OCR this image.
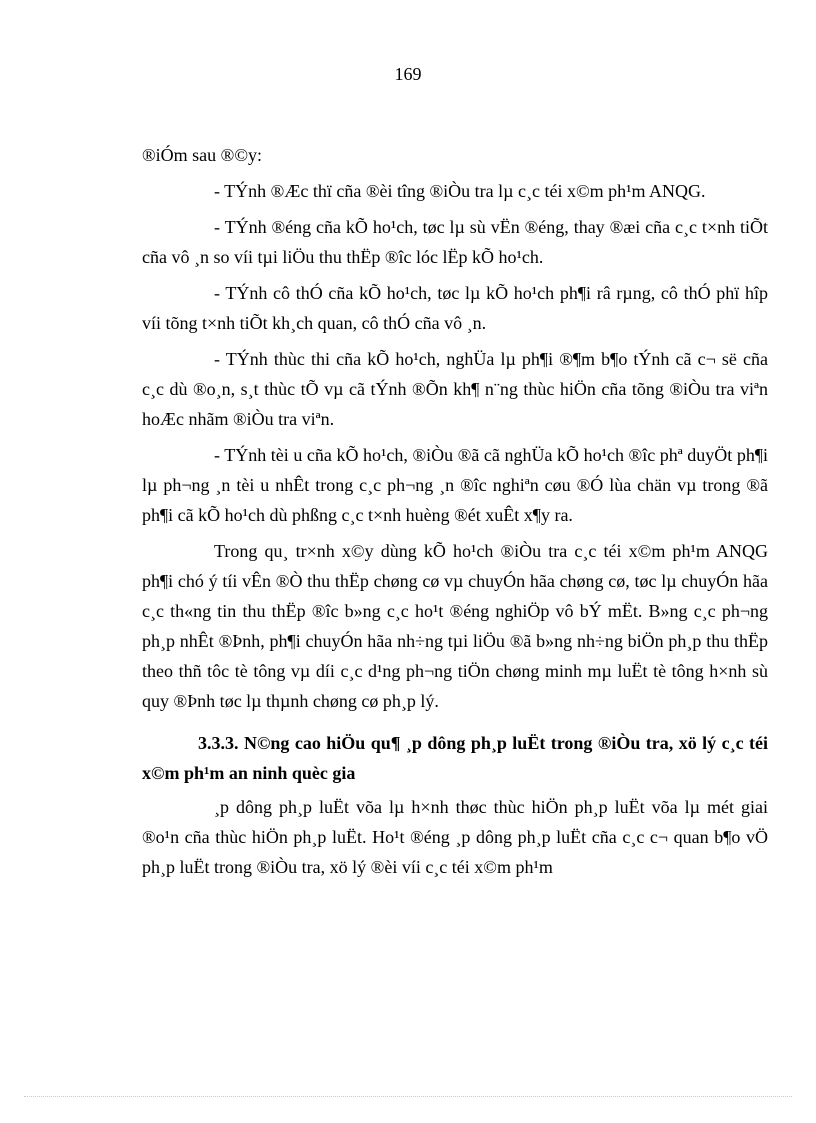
169

®iÓm sau ®©y:

- TÝnh ®Æc thï cña ®èi tîng ®iÒu tra lµ c¸c téi x©m ph¹m ANQG.

- TÝnh ®éng cña kÕ ho¹ch, tøc lµ sù vËn ®éng, thay ®æi cña c¸c t×nh tiÕt cña vô ¸n so víi tµi liÖu thu thËp ®îc lóc lËp kÕ ho¹ch.

- TÝnh cô thÓ cña kÕ ho¹ch, tøc lµ kÕ ho¹ch ph¶i râ rµng, cô thÓ phï hîp víi tõng t×nh tiÕt kh¸ch quan, cô thÓ cña vô ¸n.

- TÝnh thùc thi cña kÕ ho¹ch, nghÜa lµ ph¶i ®¶m b¶o tÝnh cã c¬ së cña c¸c dù ®o¸n, s¸t thùc tÕ vµ cã tÝnh ®Õn kh¶ n¨ng thùc hiÖn cña tõng ®iÒu tra viªn hoÆc nhãm ®iÒu tra viªn.

- TÝnh tèi u cña kÕ ho¹ch, ®iÒu ®ã cã nghÜa kÕ ho¹ch ®îc phª duyÖt ph¶i lµ ph¬ng ¸n tèi u nhÊt trong c¸c ph¬ng ¸n ®îc nghiªn cøu ®Ó lùa chän vµ trong ®ã ph¶i cã kÕ ho¹ch dù phßng c¸c t×nh huèng ®ét xuÊt x¶y ra.

Trong qu¸ tr×nh x©y dùng kÕ ho¹ch ®iÒu tra c¸c téi x©m ph¹m ANQG ph¶i chó ý tíi vÊn ®Ò thu thËp chøng cø vµ chuyÓn hãa chøng cø, tøc lµ chuyÓn hãa c¸c th«ng tin thu thËp ®îc b»ng c¸c ho¹t ®éng nghiÖp vô bÝ mËt. B»ng c¸c ph¬ng ph¸p nhÊt ®Þnh, ph¶i chuyÓn hãa nh÷ng tµi liÖu ®ã b»ng nh÷ng biÖn ph¸p thu thËp theo thñ tôc tè tông vµ díi c¸c d¹ng ph¬ng tiÖn chøng minh mµ luËt tè tông h×nh sù quy ®Þnh tøc lµ thµnh chøng cø ph¸p lý.

3.3.3. N©ng cao hiÖu qu¶ ¸p dông ph¸p luËt trong ®iÒu tra, xö lý c¸c téi x©m ph¹m an ninh quèc gia

¸p dông ph¸p luËt võa lµ h×nh thøc thùc hiÖn ph¸p luËt võa lµ mét giai ®o¹n cña thùc hiÖn ph¸p luËt. Ho¹t ®éng ¸p dông ph¸p luËt cña c¸c c¬ quan b¶o vÖ ph¸p luËt trong ®iÒu tra, xö lý ®èi víi c¸c téi x©m ph¹m
